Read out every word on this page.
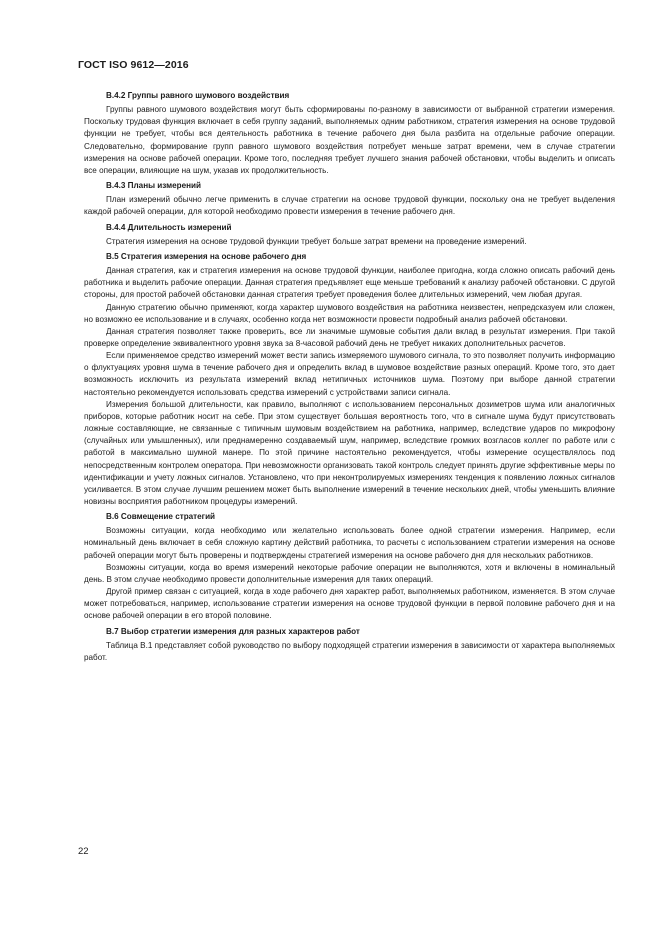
ГОСТ ISO 9612—2016
В.4.2 Группы равного шумового воздействия
Группы равного шумового воздействия могут быть сформированы по-разному в зависимости от выбранной стратегии измерения. Поскольку трудовая функция включает в себя группу заданий, выполняемых одним работником, стратегия измерения на основе трудовой функции не требует, чтобы вся деятельность работника в течение рабочего дня была разбита на отдельные рабочие операции. Следовательно, формирование групп равного шумового воздействия потребует меньше затрат времени, чем в случае стратегии измерения на основе рабочей операции. Кроме того, последняя требует лучшего знания рабочей обстановки, чтобы выделить и описать все операции, влияющие на шум, указав их продолжительность.
В.4.3 Планы измерений
План измерений обычно легче применить в случае стратегии на основе трудовой функции, поскольку она не требует выделения каждой рабочей операции, для которой необходимо провести измерения в течение рабочего дня.
В.4.4 Длительность измерений
Стратегия измерения на основе трудовой функции требует больше затрат времени на проведение измерений.
В.5 Стратегия измерения на основе рабочего дня
Данная стратегия, как и стратегия измерения на основе трудовой функции, наиболее пригодна, когда сложно описать рабочий день работника и выделить рабочие операции. Данная стратегия предъявляет еще меньше требований к анализу рабочей обстановки. С другой стороны, для простой рабочей обстановки данная стратегия требует проведения более длительных измерений, чем любая другая.
Данную стратегию обычно применяют, когда характер шумового воздействия на работника неизвестен, непредсказуем или сложен, но возможно ее использование и в случаях, особенно когда нет возможности провести подробный анализ рабочей обстановки.
Данная стратегия позволяет также проверить, все ли значимые шумовые события дали вклад в результат измерения. При такой проверке определение эквивалентного уровня звука за 8-часовой рабочий день не требует никаких дополнительных расчетов.
Если применяемое средство измерений может вести запись измеряемого шумового сигнала, то это позволяет получить информацию о флуктуациях уровня шума в течение рабочего дня и определить вклад в шумовое воздействие разных операций. Кроме того, это дает возможность исключить из результата измерений вклад нетипичных источников шума. Поэтому при выборе данной стратегии настоятельно рекомендуется использовать средства измерений с устройствами записи сигнала.
Измерения большой длительности, как правило, выполняют с использованием персональных дозиметров шума или аналогичных приборов, которые работник носит на себе. При этом существует большая вероятность того, что в сигнале шума будут присутствовать ложные составляющие, не связанные с типичным шумовым воздействием на работника, например, вследствие ударов по микрофону (случайных или умышленных), или преднамеренно создаваемый шум, например, вследствие громких возгласов коллег по работе или с работой в максимально шумной манере. По этой причине настоятельно рекомендуется, чтобы измерение осуществлялось под непосредственным контролем оператора. При невозможности организовать такой контроль следует принять другие эффективные меры по идентификации и учету ложных сигналов. Установлено, что при неконтролируемых измерениях тенденция к появлению ложных сигналов усиливается. В этом случае лучшим решением может быть выполнение измерений в течение нескольких дней, чтобы уменьшить влияние новизны восприятия работником процедуры измерений.
В.6 Совмещение стратегий
Возможны ситуации, когда необходимо или желательно использовать более одной стратегии измерения. Например, если номинальный день включает в себя сложную картину действий работника, то расчеты с использованием стратегии измерения на основе рабочей операции могут быть проверены и подтверждены стратегией измерения на основе рабочего дня для нескольких работников.
Возможны ситуации, когда во время измерений некоторые рабочие операции не выполняются, хотя и включены в номинальный день. В этом случае необходимо провести дополнительные измерения для таких операций.
Другой пример связан с ситуацией, когда в ходе рабочего дня характер работ, выполняемых работником, изменяется. В этом случае может потребоваться, например, использование стратегии измерения на основе трудовой функции в первой половине рабочего дня и на основе рабочей операции в его второй половине.
В.7 Выбор стратегии измерения для разных характеров работ
Таблица В.1 представляет собой руководство по выбору подходящей стратегии измерения в зависимости от характера выполняемых работ.
22
